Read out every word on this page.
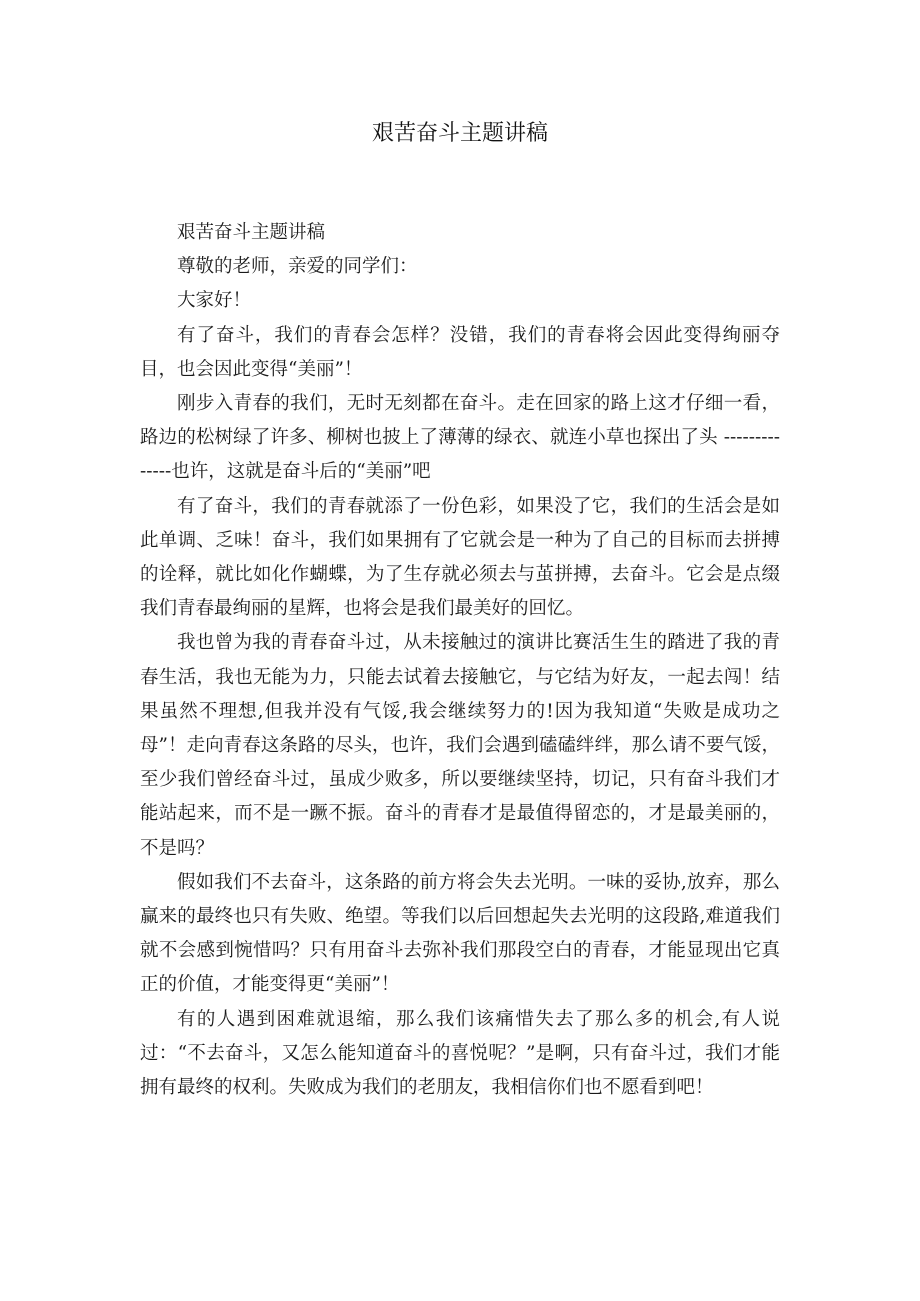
艰苦奋斗主题讲稿

艰苦奋斗主题讲稿

尊敬的老师，亲爱的同学们：

大家好！

有了奋斗，我们的青春会怎样？没错，我们的青春将会因此变得绚丽夺目，也会因此变得“美丽”！

刚步入青春的我们，无时无刻都在奋斗。走在回家的路上这才仔细一看，路边的松树绿了许多、柳树也披上了薄薄的绿衣、就连小草也探出了头 --------------也许，这就是奋斗后的“美丽”吧

有了奋斗，我们的青春就添了一份色彩，如果没了它，我们的生活会是如此单调、乏味！奋斗，我们如果拥有了它就会是一种为了自己的目标而去拼搏的诠释，就比如化作蝴蝶，为了生存就必须去与茧拼搏，去奋斗。它会是点缀我们青春最绚丽的星辉，也将会是我们最美好的回忆。

我也曾为我的青春奋斗过，从未接触过的演讲比赛活生生的踏进了我的青春生活，我也无能为力，只能去试着去接触它，与它结为好友，一起去闯！结果虽然不理想,但我并没有气馁,我会继续努力的!因为我知道“失败是成功之母”！走向青春这条路的尽头，也许，我们会遇到磕磕绊绊，那么请不要气馁，至少我们曾经奋斗过，虽成少败多，所以要继续坚持，切记，只有奋斗我们才能站起来，而不是一蹶不振。奋斗的青春才是最值得留恋的，才是最美丽的，不是吗？

假如我们不去奋斗，这条路的前方将会失去光明。一味的妥协,放弃，那么赢来的最终也只有失败、绝望。等我们以后回想起失去光明的这段路,难道我们就不会感到惋惜吗？只有用奋斗去弥补我们那段空白的青春，才能显现出它真正的价值，才能变得更“美丽”！

有的人遇到困难就退缩，那么我们该痛惜失去了那么多的机会,有人说过：“不去奋斗，又怎么能知道奋斗的喜悦呢？”是啊，只有奋斗过，我们才能拥有最终的权利。失败成为我们的老朋友，我相信你们也不愿看到吧！
